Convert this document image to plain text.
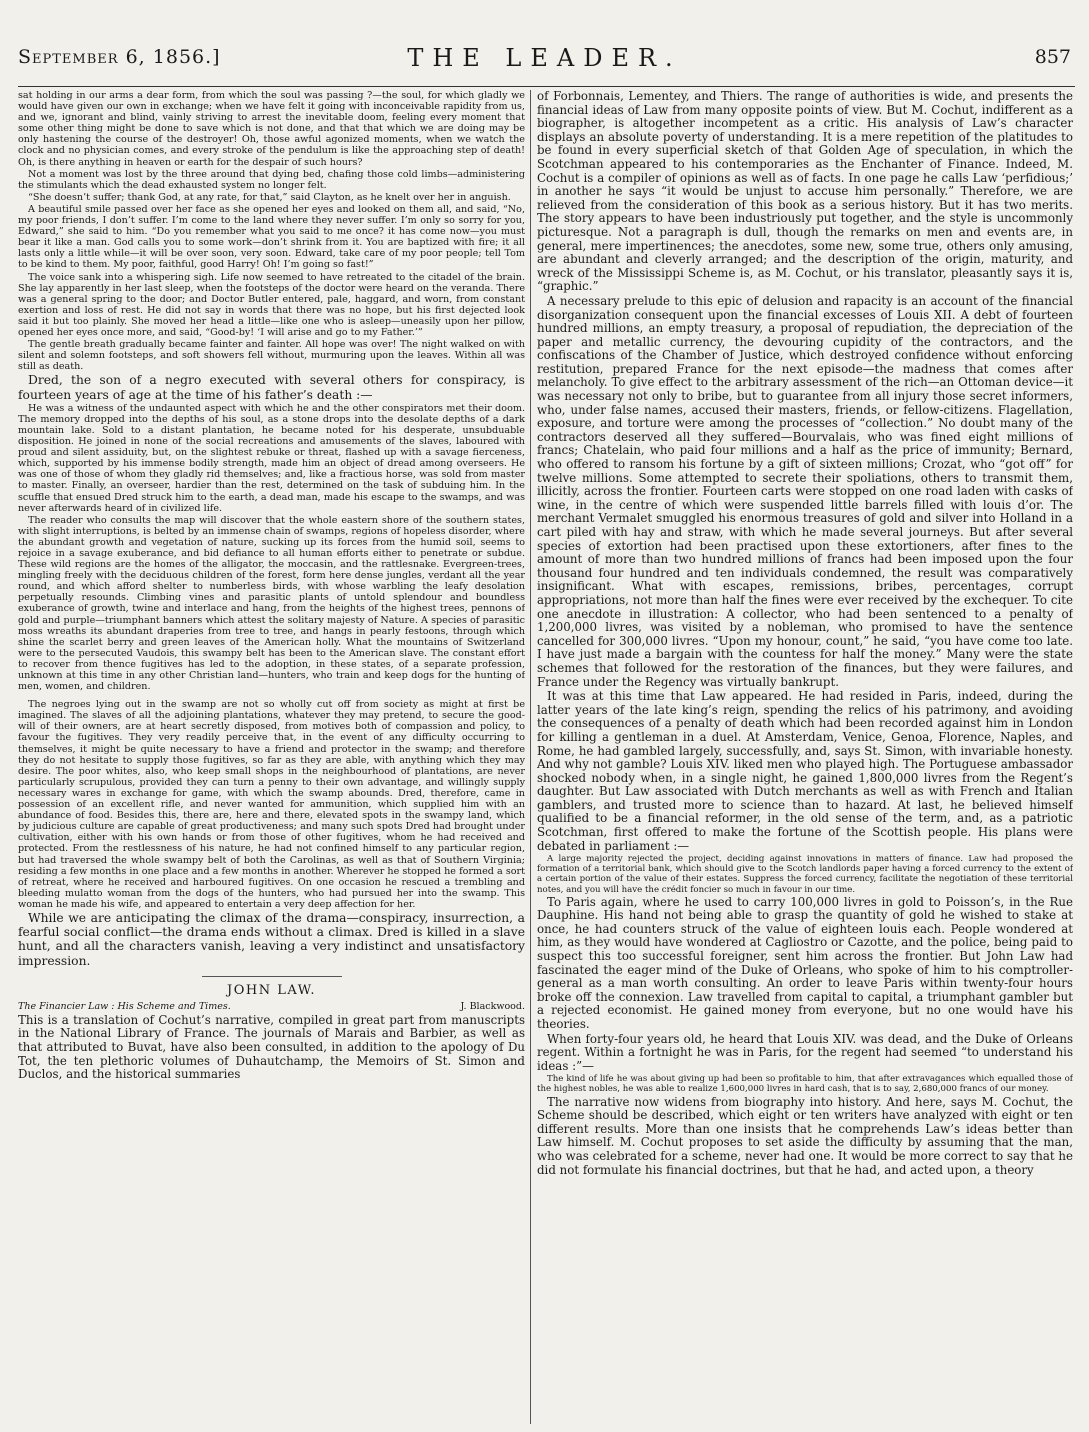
September 6, 1856.]	THE LEADER.	857

sat holding in our arms a dear form, from which the soul was passing ?—the soul, for which gladly we would have given our own in exchange; when we have felt it going with inconceivable rapidity from us, and we, ignorant and blind, vainly striving to arrest the inevitable doom, feeling every moment that some other thing might be done to save which is not done, and that that which we are doing may be only hastening the course of the destroyer! Oh, those awful agonized moments, when we watch the clock and no physician comes, and every stroke of the pendulum is like the approaching step of death! Oh, is there anything in heaven or earth for the despair of such hours?

Not a moment was lost by the three around that dying bed, chafing those cold limbs—administering the stimulants which the dead exhausted system no longer felt.

“She doesn’t suffer; thank God, at any rate, for that,” said Clayton, as he knelt over her in anguish.

A beautiful smile passed over her face as she opened her eyes and looked on them all, and said, “No, my poor friends, I don’t suffer. I’m come to the land where they never suffer. I’m only so sorry for you, Edward,” she said to him. “Do you remember what you said to me once? it has come now—you must bear it like a man. God calls you to some work—don’t shrink from it. You are baptized with fire; it all lasts only a little while—it will be over soon, very soon. Edward, take care of my poor people; tell Tom to be kind to them. My poor, faithful, good Harry! Oh! I’m going so fast!”

The voice sank into a whispering sigh. Life now seemed to have retreated to the citadel of the brain. She lay apparently in her last sleep, when the footsteps of the doctor were heard on the veranda. There was a general spring to the door; and Doctor Butler entered, pale, haggard, and worn, from constant exertion and loss of rest. He did not say in words that there was no hope, but his first dejected look said it but too plainly. She moved her head a little—like one who is asleep—uneasily upon her pillow, opened her eyes once more, and said, “Good-by! ‘I will arise and go to my Father.’”

The gentle breath gradually became fainter and fainter. All hope was over! The night walked on with silent and solemn footsteps, and soft showers fell without, murmuring upon the leaves. Within all was still as death.

Dred, the son of a negro executed with several others for conspiracy, is fourteen years of age at the time of his father’s death :—

He was a witness of the undaunted aspect with which he and the other conspirators met their doom. The memory dropped into the depths of his soul, as a stone drops into the desolate depths of a dark mountain lake. Sold to a distant plantation, he became noted for his desperate, unsubduable disposition. He joined in none of the social recreations and amusements of the slaves, laboured with proud and silent assiduity, but, on the slightest rebuke or threat, flashed up with a savage fierceness, which, supported by his immense bodily strength, made him an object of dread among overseers. He was one of those of whom they gladly rid themselves; and, like a fractious horse, was sold from master to master. Finally, an overseer, hardier than the rest, determined on the task of subduing him. In the scuffle that ensued Dred struck him to the earth, a dead man, made his escape to the swamps, and was never afterwards heard of in civilized life.

The reader who consults the map will discover that the whole eastern shore of the southern states, with slight interruptions, is belted by an immense chain of swamps, regions of hopeless disorder, where the abundant growth and vegetation of nature, sucking up its forces from the humid soil, seems to rejoice in a savage exuberance, and bid defiance to all human efforts either to penetrate or subdue. These wild regions are the homes of the alligator, the moccasin, and the rattlesnake. Evergreen-trees, mingling freely with the deciduous children of the forest, form here dense jungles, verdant all the year round, and which afford shelter to numberless birds, with whose warbling the leafy desolation perpetually resounds. Climbing vines and parasitic plants of untold splendour and boundless exuberance of growth, twine and interlace and hang, from the heights of the highest trees, pennons of gold and purple—triumphant banners which attest the solitary majesty of Nature. A species of parasitic moss wreaths its abundant draperies from tree to tree, and hangs in pearly festoons, through which shine the scarlet berry and green leaves of the American holly. What the mountains of Switzerland were to the persecuted Vaudois, this swampy belt has been to the American slave. The constant effort to recover from thence fugitives has led to the adoption, in these states, of a separate profession, unknown at this time in any other Christian land—hunters, who train and keep dogs for the hunting of men, women, and children.

The negroes lying out in the swamp are not so wholly cut off from society as might at first be imagined. The slaves of all the adjoining plantations, whatever they may pretend, to secure the good-will of their owners, are at heart secretly disposed, from motives both of compassion and policy, to favour the fugitives. They very readily perceive that, in the event of any difficulty occurring to themselves, it might be quite necessary to have a friend and protector in the swamp; and therefore they do not hesitate to supply those fugitives, so far as they are able, with anything which they may desire. The poor whites, also, who keep small shops in the neighbourhood of plantations, are never particularly scrupulous, provided they can turn a penny to their own advantage, and willingly supply necessary wares in exchange for game, with which the swamp abounds. Dred, therefore, came in possession of an excellent rifle, and never wanted for ammunition, which supplied him with an abundance of food. Besides this, there are, here and there, elevated spots in the swampy land, which by judicious culture are capable of great productiveness; and many such spots Dred had brought under cultivation, either with his own hands or from those of other fugitives, whom he had received and protected. From the restlessness of his nature, he had not confined himself to any particular region, but had traversed the whole swampy belt of both the Carolinas, as well as that of Southern Virginia; residing a few months in one place and a few months in another. Wherever he stopped he formed a sort of retreat, where he received and harboured fugitives. On one occasion he rescued a trembling and bleeding mulatto woman from the dogs of the hunters, who had pursued her into the swamp. This woman he made his wife, and appeared to entertain a very deep affection for her.

While we are anticipating the climax of the drama—conspiracy, insurrection, a fearful social conflict—the drama ends without a climax. Dred is killed in a slave hunt, and all the characters vanish, leaving a very indistinct and unsatisfactory impression.

JOHN LAW.
The Financier Law : His Scheme and Times.	J. Blackwood.

This is a translation of Cochut’s narrative, compiled in great part from manuscripts in the National Library of France. The journals of Marais and Barbier, as well as that attributed to Buvat, have also been consulted, in addition to the apology of Du Tot, the ten plethoric volumes of Duhautchamp, the Memoirs of St. Simon and Duclos, and the historical summaries

of Forbonnais, Lementey, and Thiers. The range of authorities is wide, and presents the financial ideas of Law from many opposite points of view. But M. Cochut, indifferent as a biographer, is altogether incompetent as a critic. His analysis of Law’s character displays an absolute poverty of understanding. It is a mere repetition of the platitudes to be found in every superficial sketch of that Golden Age of speculation, in which the Scotchman appeared to his contemporaries as the Enchanter of Finance. Indeed, M. Cochut is a compiler of opinions as well as of facts. In one page he calls Law ‘perfidious;’ in another he says “it would be unjust to accuse him personally.” Therefore, we are relieved from the consideration of this book as a serious history. But it has two merits. The story appears to have been industriously put together, and the style is uncommonly picturesque. Not a paragraph is dull, though the remarks on men and events are, in general, mere impertinences; the anecdotes, some new, some true, others only amusing, are abundant and cleverly arranged; and the description of the origin, maturity, and wreck of the Mississippi Scheme is, as M. Cochut, or his translator, pleasantly says it is, “graphic.”

A necessary prelude to this epic of delusion and rapacity is an account of the financial disorganization consequent upon the financial excesses of Louis XII. A debt of fourteen hundred millions, an empty treasury, a proposal of repudiation, the depreciation of the paper and metallic currency, the devouring cupidity of the contractors, and the confiscations of the Chamber of Justice, which destroyed confidence without enforcing restitution, prepared France for the next episode—the madness that comes after melancholy. To give effect to the arbitrary assessment of the rich—an Ottoman device—it was necessary not only to bribe, but to guarantee from all injury those secret informers, who, under false names, accused their masters, friends, or fellow-citizens. Flagellation, exposure, and torture were among the processes of “collection.” No doubt many of the contractors deserved all they suffered—Bourvalais, who was fined eight millions of francs; Chatelain, who paid four millions and a half as the price of immunity; Bernard, who offered to ransom his fortune by a gift of sixteen millions; Crozat, who “got off” for twelve millions. Some attempted to secrete their spoliations, others to transmit them, illicitly, across the frontier. Fourteen carts were stopped on one road laden with casks of wine, in the centre of which were suspended little barrels filled with louis d’or. The merchant Vermalet smuggled his enormous treasures of gold and silver into Holland in a cart piled with hay and straw, with which he made several journeys. But after several species of extortion had been practised upon these extortioners, after fines to the amount of more than two hundred millions of francs had been imposed upon the four thousand four hundred and ten individuals condemned, the result was comparatively insignificant. What with escapes, remissions, bribes, percentages, corrupt appropriations, not more than half the fines were ever received by the exchequer. To cite one anecdote in illustration: A collector, who had been sentenced to a penalty of 1,200,000 livres, was visited by a nobleman, who promised to have the sentence cancelled for 300,000 livres. “Upon my honour, count,” he said, “you have come too late. I have just made a bargain with the countess for half the money.” Many were the state schemes that followed for the restoration of the finances, but they were failures, and France under the Regency was virtually bankrupt.

It was at this time that Law appeared. He had resided in Paris, indeed, during the latter years of the late king’s reign, spending the relics of his patrimony, and avoiding the consequences of a penalty of death which had been recorded against him in London for killing a gentleman in a duel. At Amsterdam, Venice, Genoa, Florence, Naples, and Rome, he had gambled largely, successfully, and, says St. Simon, with invariable honesty. And why not gamble? Louis XIV. liked men who played high. The Portuguese ambassador shocked nobody when, in a single night, he gained 1,800,000 livres from the Regent’s daughter. But Law associated with Dutch merchants as well as with French and Italian gamblers, and trusted more to science than to hazard. At last, he believed himself qualified to be a financial reformer, in the old sense of the term, and, as a patriotic Scotchman, first offered to make the fortune of the Scottish people. His plans were debated in parliament :—

A large majority rejected the project, deciding against innovations in matters of finance. Law had proposed the formation of a territorial bank, which should give to the Scotch landlords paper having a forced currency to the extent of a certain portion of the value of their estates. Suppress the forced currency, facilitate the negotiation of these territorial notes, and you will have the crédit foncier so much in favour in our time.

To Paris again, where he used to carry 100,000 livres in gold to Poisson’s, in the Rue Dauphine. His hand not being able to grasp the quantity of gold he wished to stake at once, he had counters struck of the value of eighteen louis each. People wondered at him, as they would have wondered at Cagliostro or Cazotte, and the police, being paid to suspect this too successful foreigner, sent him across the frontier. But John Law had fascinated the eager mind of the Duke of Orleans, who spoke of him to his comptroller-general as a man worth consulting. An order to leave Paris within twenty-four hours broke off the connexion. Law travelled from capital to capital, a triumphant gambler but a rejected economist. He gained money from everyone, but no one would have his theories.

When forty-four years old, he heard that Louis XIV. was dead, and the Duke of Orleans regent. Within a fortnight he was in Paris, for the regent had seemed “to understand his ideas :”—

The kind of life he was about giving up had been so profitable to him, that after extravagances which equalled those of the highest nobles, he was able to realize 1,600,000 livres in hard cash, that is to say, 2,680,000 francs of our money.

The narrative now widens from biography into history. And here, says M. Cochut, the Scheme should be described, which eight or ten writers have analyzed with eight or ten different results. More than one insists that he comprehends Law’s ideas better than Law himself. M. Cochut proposes to set aside the difficulty by assuming that the man, who was celebrated for a scheme, never had one. It would be more correct to say that he did not formulate his financial doctrines, but that he had, and acted upon, a theory
